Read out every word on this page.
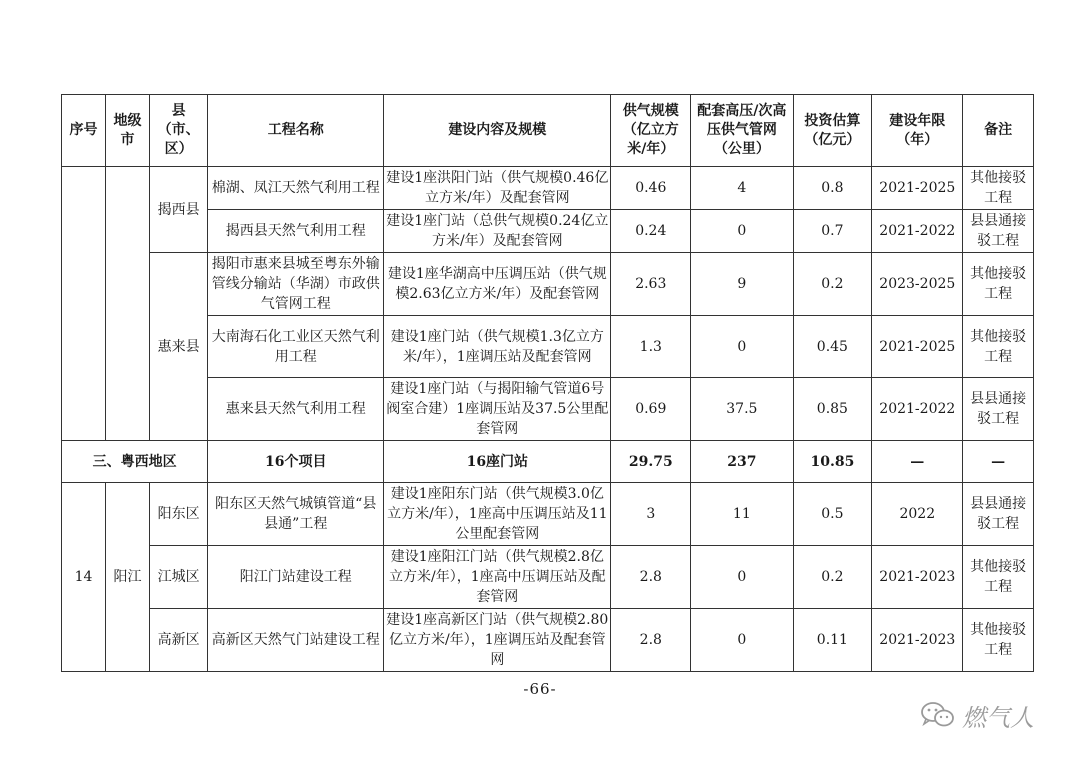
序号	地级市	县（市、区）	工程名称	建设内容及规模	供气规模（亿立方米/年）	配套高压/次高压供气管网（公里）	投资估算（亿元）	建设年限（年）	备注
		揭西县	棉湖、凤江天然气利用工程	建设1座洪阳门站（供气规模0.46亿立方米/年）及配套管网	0.46	4	0.8	2021-2025	其他接驳工程
			揭西县天然气利用工程	建设1座门站（总供气规模0.24亿立方米/年）及配套管网	0.24	0	0.7	2021-2022	县县通接驳工程
		惠来县	揭阳市惠来县城至粤东外输管线分输站（华湖）市政供气管网工程	建设1座华湖高中压调压站（供气规模2.63亿立方米/年）及配套管网	2.63	9	0.2	2023-2025	其他接驳工程
			大南海石化工业区天然气利用工程	建设1座门站（供气规模1.3亿立方米/年），1座调压站及配套管网	1.3	0	0.45	2021-2025	其他接驳工程
			惠来县天然气利用工程	建设1座门站（与揭阳输气管道6号阀室合建）1座调压站及37.5公里配套管网	0.69	37.5	0.85	2021-2022	县县通接驳工程
三、粤西地区			16个项目	16座门站	29.75	237	10.85	—	—
14	阳江	阳东区	阳东区天然气城镇管道“县县通”工程	建设1座阳东门站（供气规模3.0亿立方米/年），1座高中压调压站及11公里配套管网	3	11	0.5	2022	县县通接驳工程
		江城区	阳江门站建设工程	建设1座阳江门站（供气规模2.8亿立方米/年），1座高中压调压站及配套管网	2.8	0	0.2	2021-2023	其他接驳工程
		高新区	高新区天然气门站建设工程	建设1座高新区门站（供气规模2.80亿立方米/年），1座调压站及配套管网	2.8	0	0.11	2021-2023	其他接驳工程
-66-
燃气人
